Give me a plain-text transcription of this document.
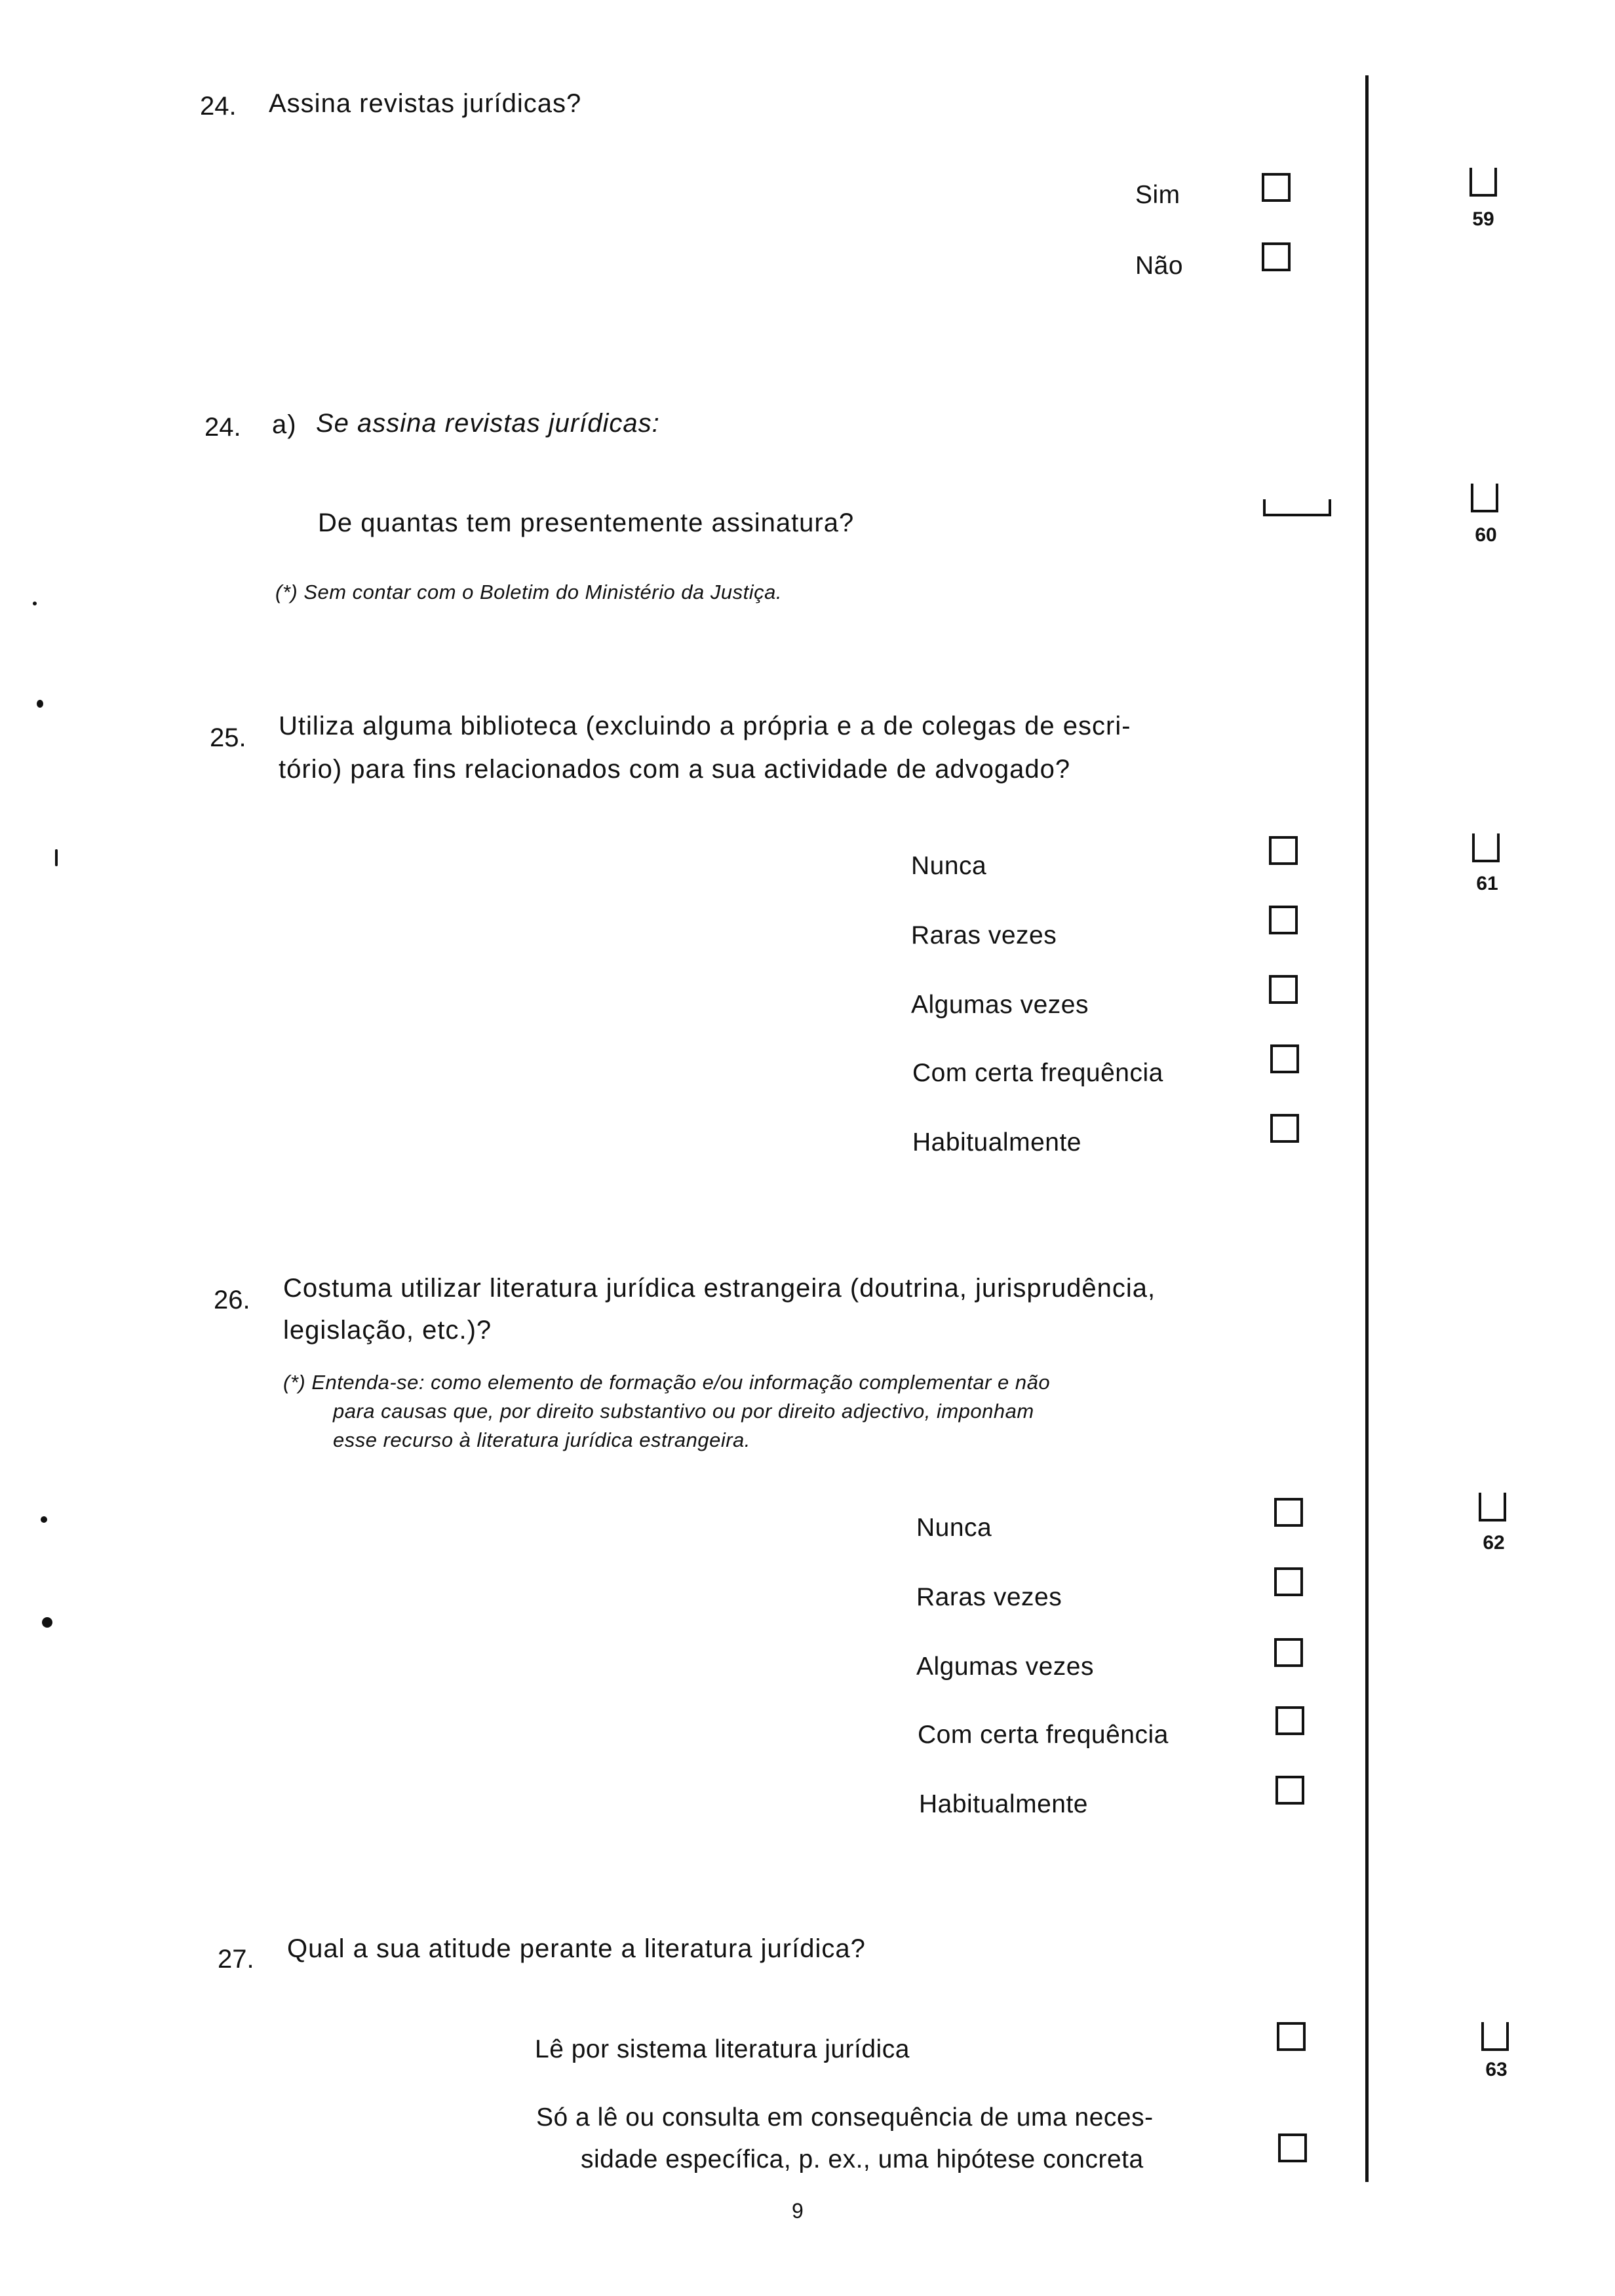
24. Assina revistas jurídicas?
Sim
Não
59
24. a) Se assina revistas jurídicas:
De quantas tem presentemente assinatura?
(*) Sem contar com o Boletim do Ministério da Justiça.
60
25. Utiliza alguma biblioteca (excluindo a própria e a de colegas de escri-
tório) para fins relacionados com a sua actividade de advogado?
Nunca
Raras vezes
Algumas vezes
Com certa frequência
Habitualmente
61
26. Costuma utilizar literatura jurídica estrangeira (doutrina, jurisprudência,
legislação, etc.)?
(*) Entenda-se: como elemento de formação e/ou informação complementar e não
para causas que, por direito substantivo ou por direito adjectivo, imponham
esse recurso à literatura jurídica estrangeira.
Nunca
Raras vezes
Algumas vezes
Com certa frequência
Habitualmente
62
27. Qual a sua atitude perante a literatura jurídica?
Lê por sistema literatura jurídica
Só a lê ou consulta em consequência de uma neces-
sidade específica, p. ex., uma hipótese concreta
63
9
